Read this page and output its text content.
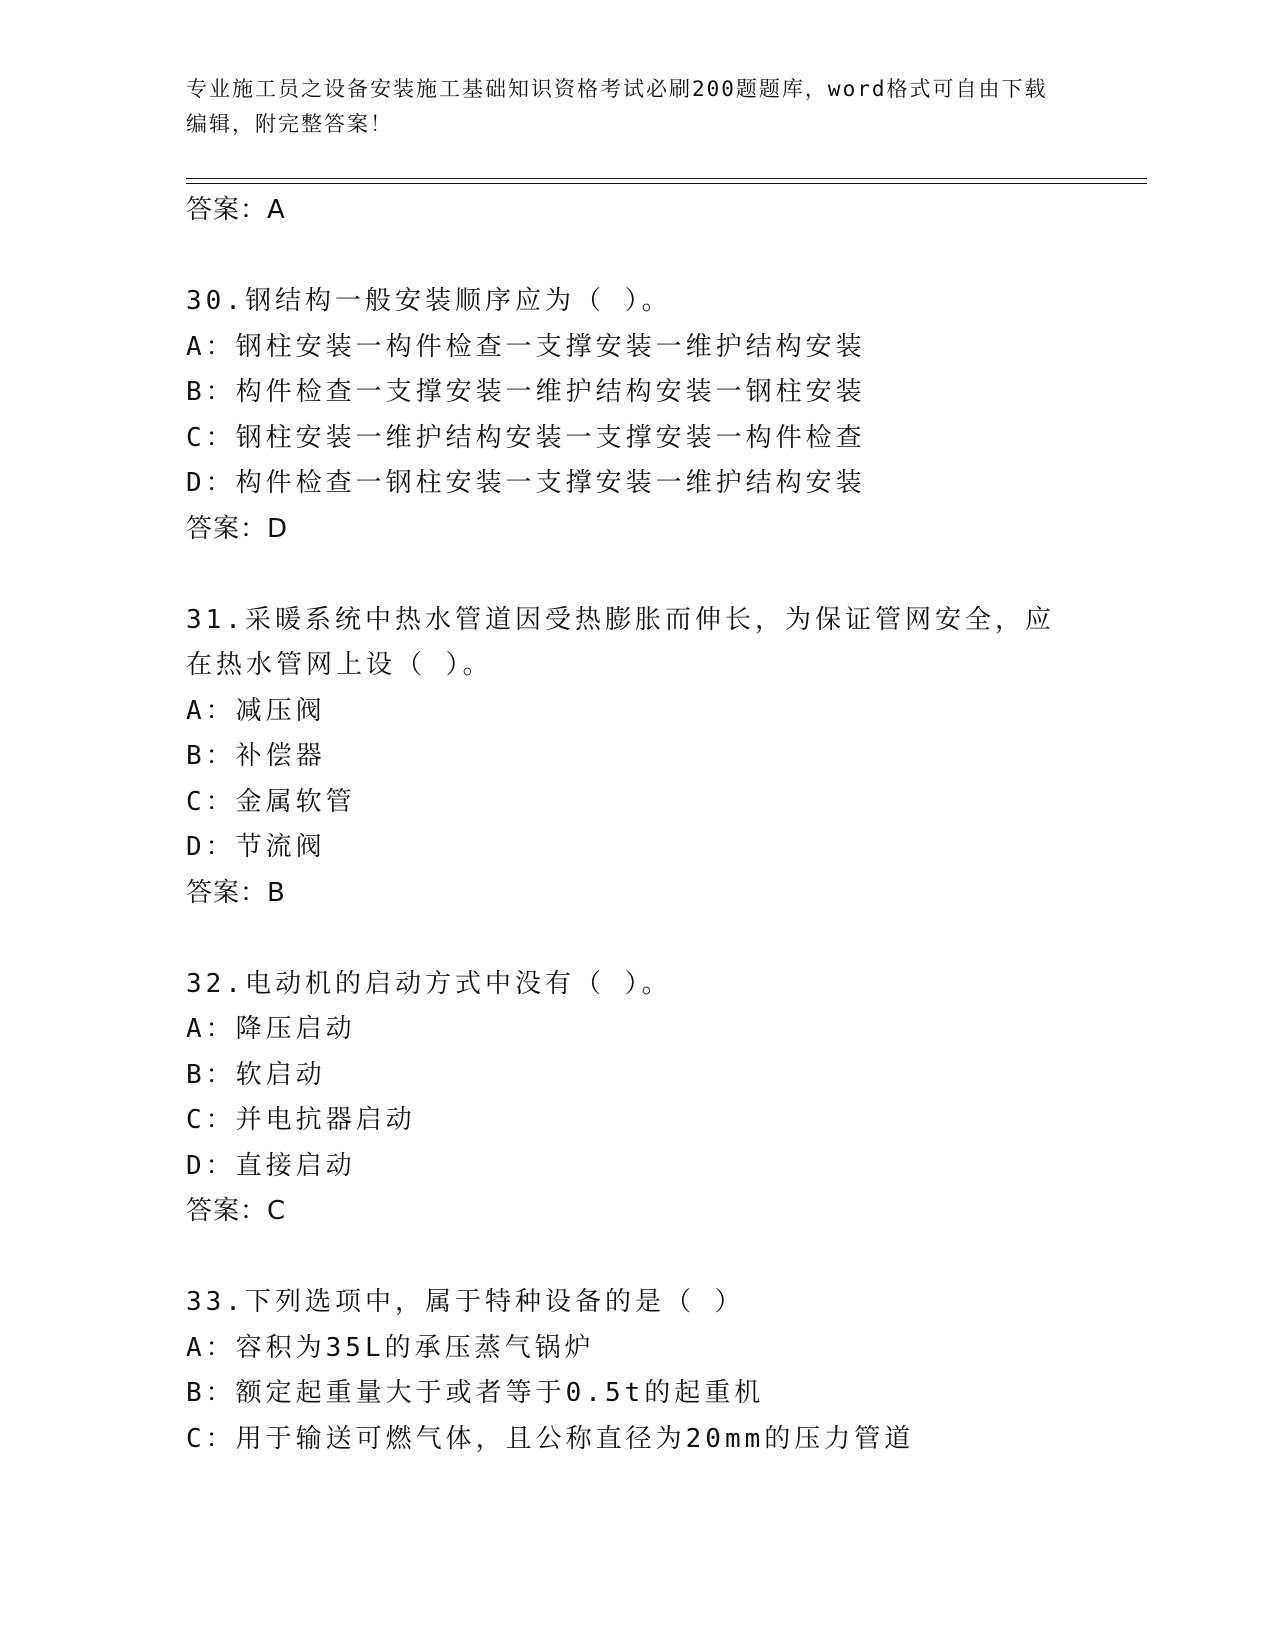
专业施工员之设备安装施工基础知识资格考试必刷200题题库，word格式可自由下载编辑，附完整答案！
答案：A
30.钢结构一般安装顺序应为（ ）。
A：钢柱安装一构件检查一支撑安装一维护结构安装
B：构件检查一支撑安装一维护结构安装一钢柱安装
C：钢柱安装一维护结构安装一支撑安装一构件检查
D：构件检查一钢柱安装一支撑安装一维护结构安装
答案：D
31.采暖系统中热水管道因受热膨胀而伸长，为保证管网安全，应在热水管网上设（ ）。
A：减压阀
B：补偿器
C：金属软管
D：节流阀
答案：B
32.电动机的启动方式中没有（ ）。
A：降压启动
B：软启动
C：并电抗器启动
D：直接启动
答案：C
33.下列选项中，属于特种设备的是（ ）
A：容积为35L的承压蒸气锅炉
B：额定起重量大于或者等于0.5t的起重机
C：用于输送可燃气体，且公称直径为20mm的压力管道
